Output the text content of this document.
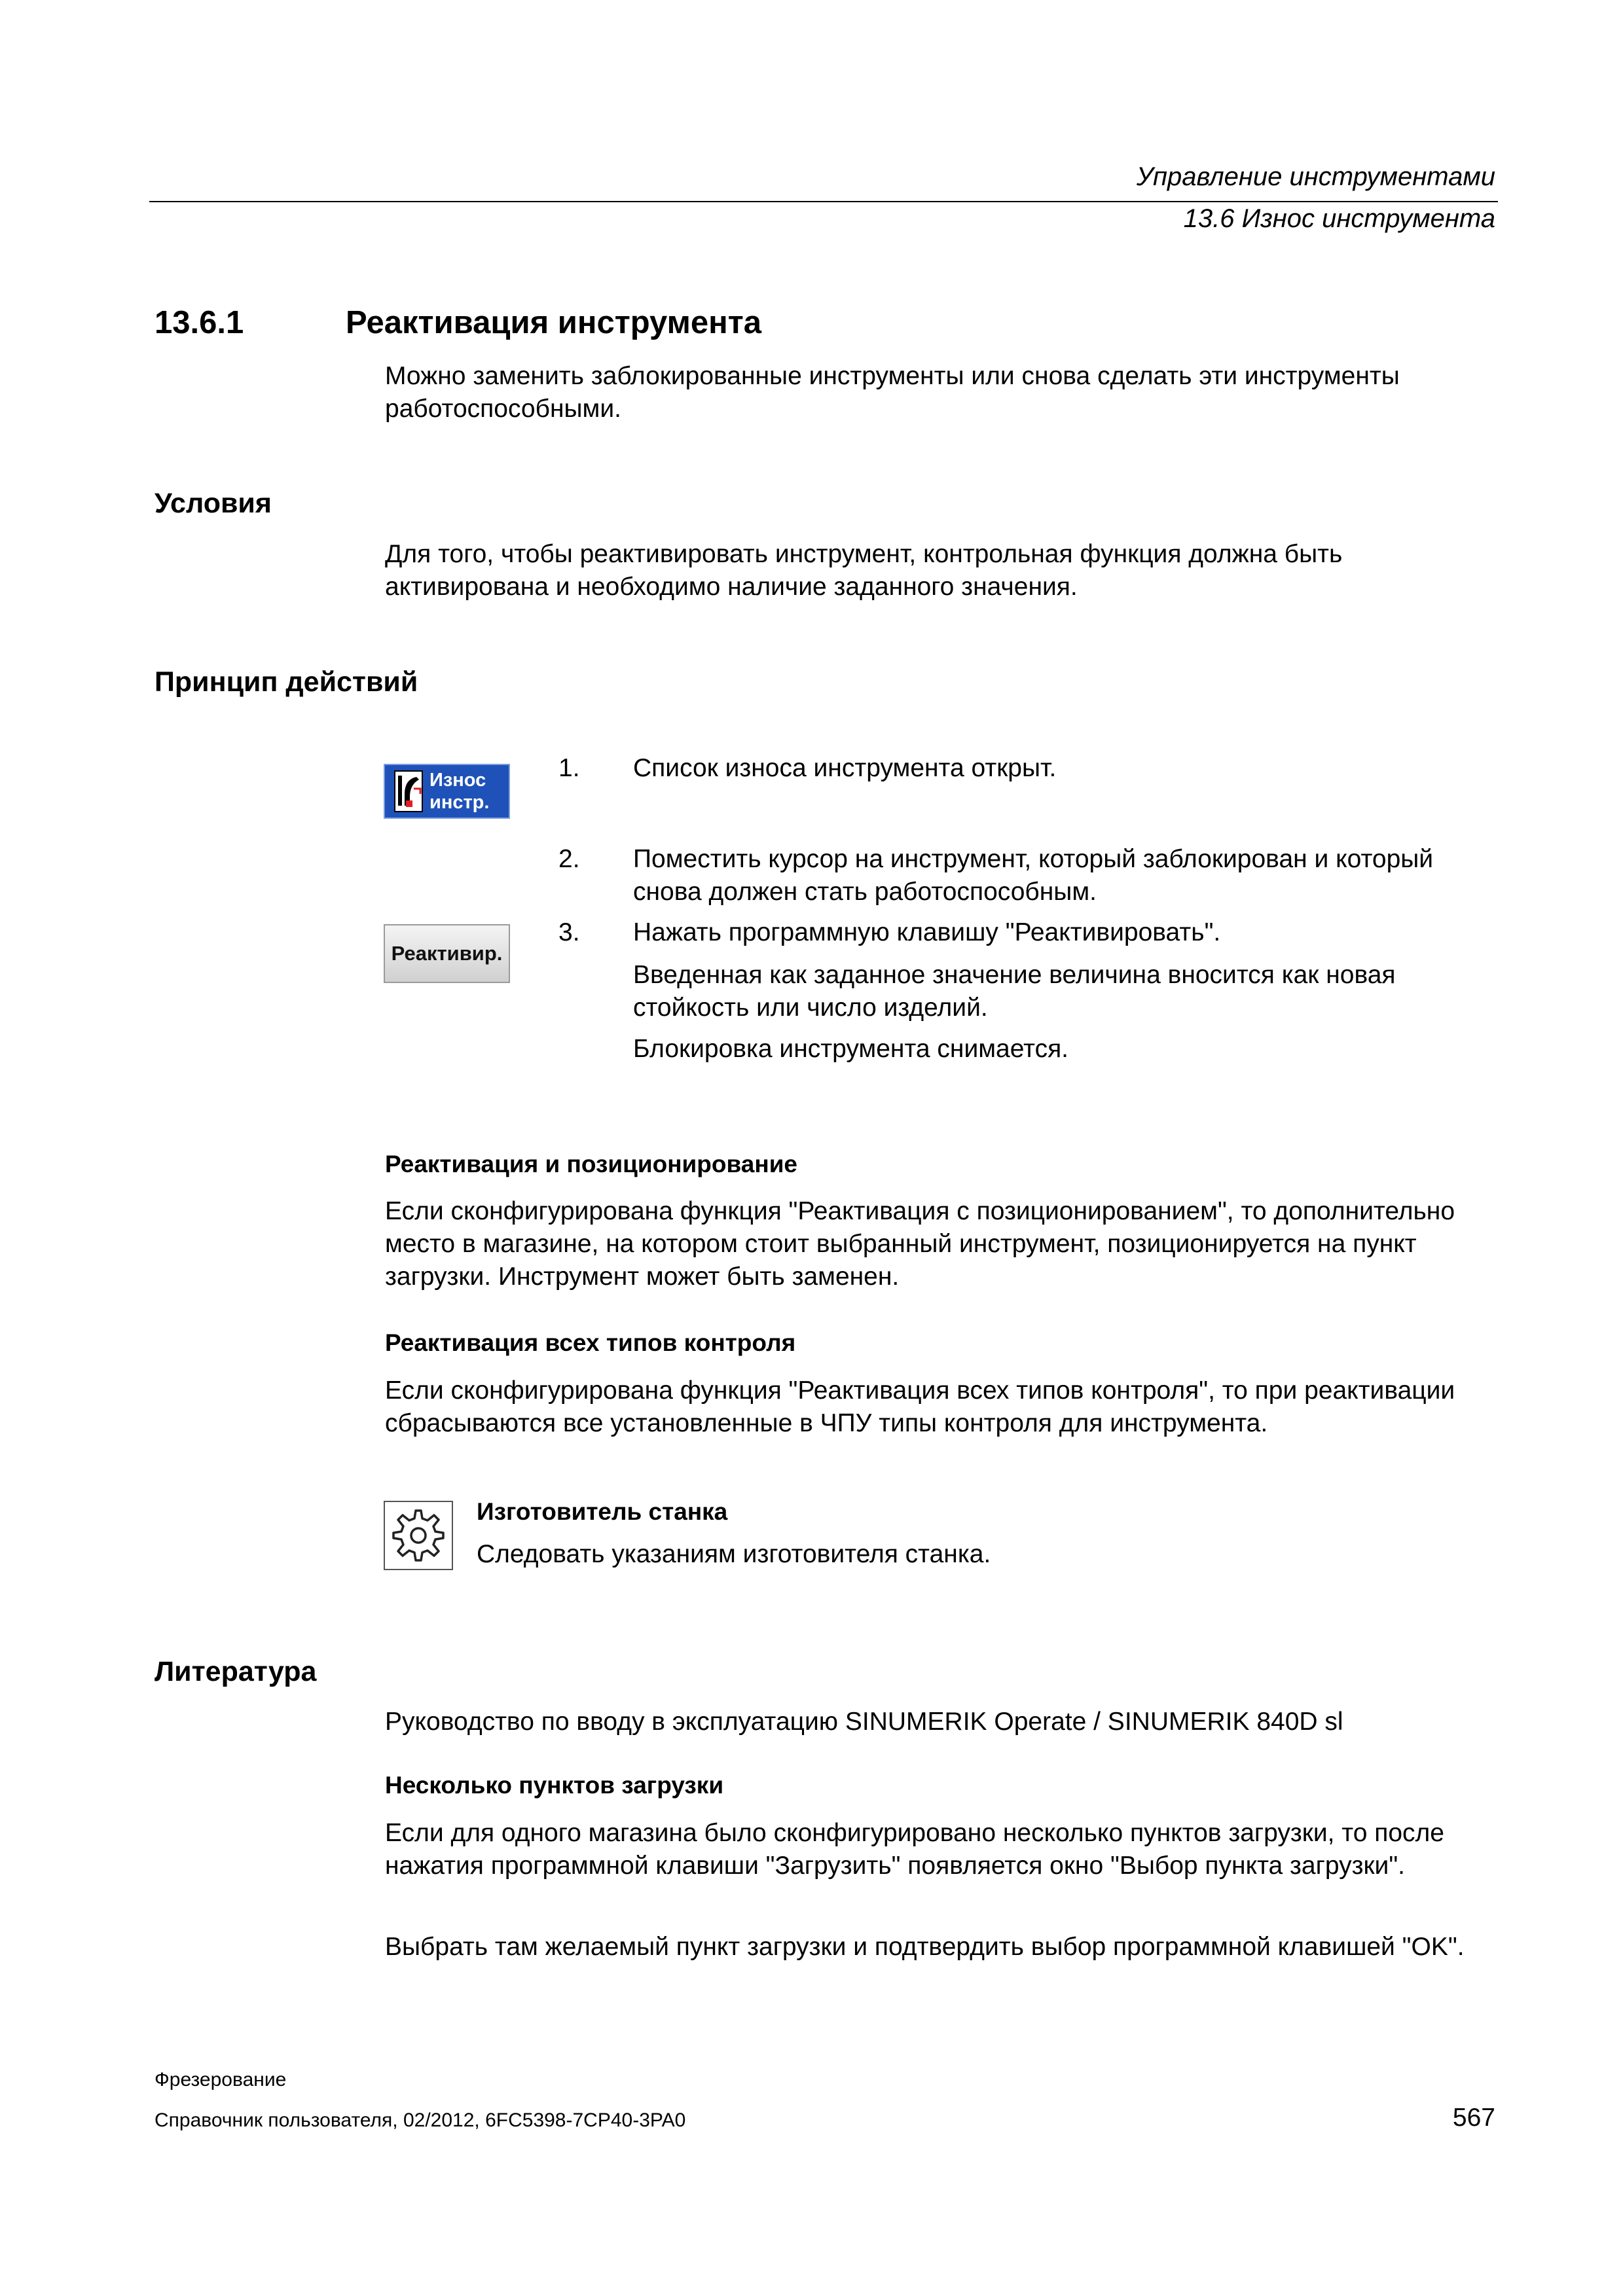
Управление инструментами
13.6 Износ инструмента
13.6.1	Реактивация инструмента
Можно заменить заблокированные инструменты или снова сделать эти инструменты работоспособными.
Условия
Для того, чтобы реактивировать инструмент, контрольная функция должна быть активирована и необходимо наличие заданного значения.
Принцип действий
Износ
инстр.
1. Список износа инструмента открыт.
2. Поместить курсор на инструмент, который заблокирован и который снова должен стать работоспособным.
Реактивир.
3. Нажать программную клавишу "Реактивировать".
Введенная как заданное значение величина вносится как новая стойкость или число изделий.
Блокировка инструмента снимается.
Реактивация и позиционирование
Если сконфигурирована функция "Реактивация с позиционированием", то дополнительно место в магазине, на котором стоит выбранный инструмент, позиционируется на пункт загрузки. Инструмент может быть заменен.
Реактивация всех типов контроля
Если сконфигурирована функция "Реактивация всех типов контроля", то при реактивации сбрасываются все установленные в ЧПУ типы контроля для инструмента.
Изготовитель станка
Следовать указаниям изготовителя станка.
Литература
Руководство по вводу в эксплуатацию SINUMERIK Operate / SINUMERIK 840D sl
Несколько пунктов загрузки
Если для одного магазина было сконфигурировано несколько пунктов загрузки, то после нажатия программной клавиши "Загрузить" появляется окно "Выбор пункта загрузки".
Выбрать там желаемый пункт загрузки и подтвердить выбор программной клавишей "OK".
Фрезерование
Справочник пользователя, 02/2012, 6FC5398-7CP40-3PA0	567
